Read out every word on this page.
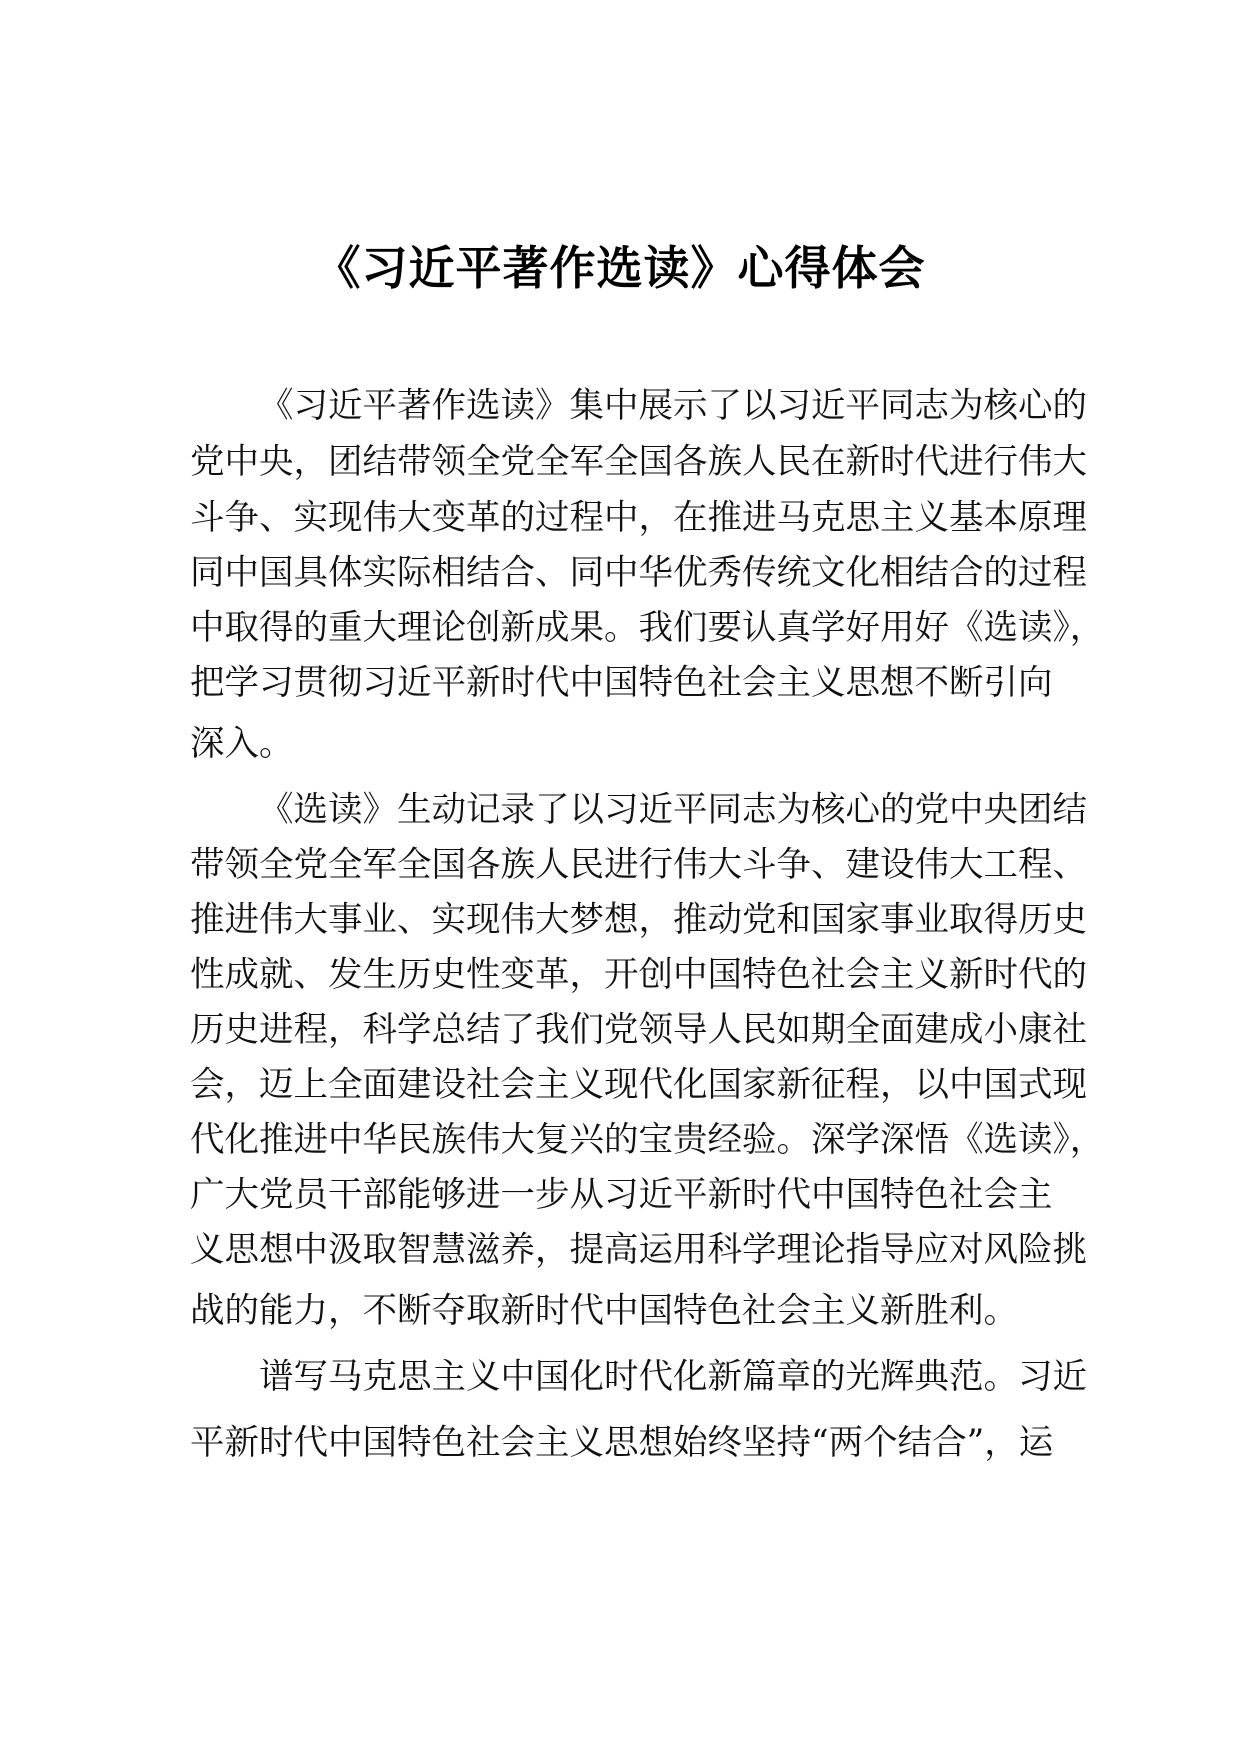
《习近平著作选读》心得体会

《习近平著作选读》集中展示了以习近平同志为核心的

党中央，团结带领全党全军全国各族人民在新时代进行伟大

斗争、实现伟大变革的过程中，在推进马克思主义基本原理

同中国具体实际相结合、同中华优秀传统文化相结合的过程

中取得的重大理论创新成果。我们要认真学好用好《选读》，

把学习贯彻习近平新时代中国特色社会主义思想不断引向

深入。

《选读》生动记录了以习近平同志为核心的党中央团结

带领全党全军全国各族人民进行伟大斗争、建设伟大工程、

推进伟大事业、实现伟大梦想，推动党和国家事业取得历史

性成就、发生历史性变革，开创中国特色社会主义新时代的

历史进程，科学总结了我们党领导人民如期全面建成小康社

会，迈上全面建设社会主义现代化国家新征程，以中国式现

代化推进中华民族伟大复兴的宝贵经验。深学深悟《选读》，

广大党员干部能够进一步从习近平新时代中国特色社会主

义思想中汲取智慧滋养，提高运用科学理论指导应对风险挑

战的能力，不断夺取新时代中国特色社会主义新胜利。

谱写马克思主义中国化时代化新篇章的光辉典范。习近

平新时代中国特色社会主义思想始终坚持“两个结合”，运
